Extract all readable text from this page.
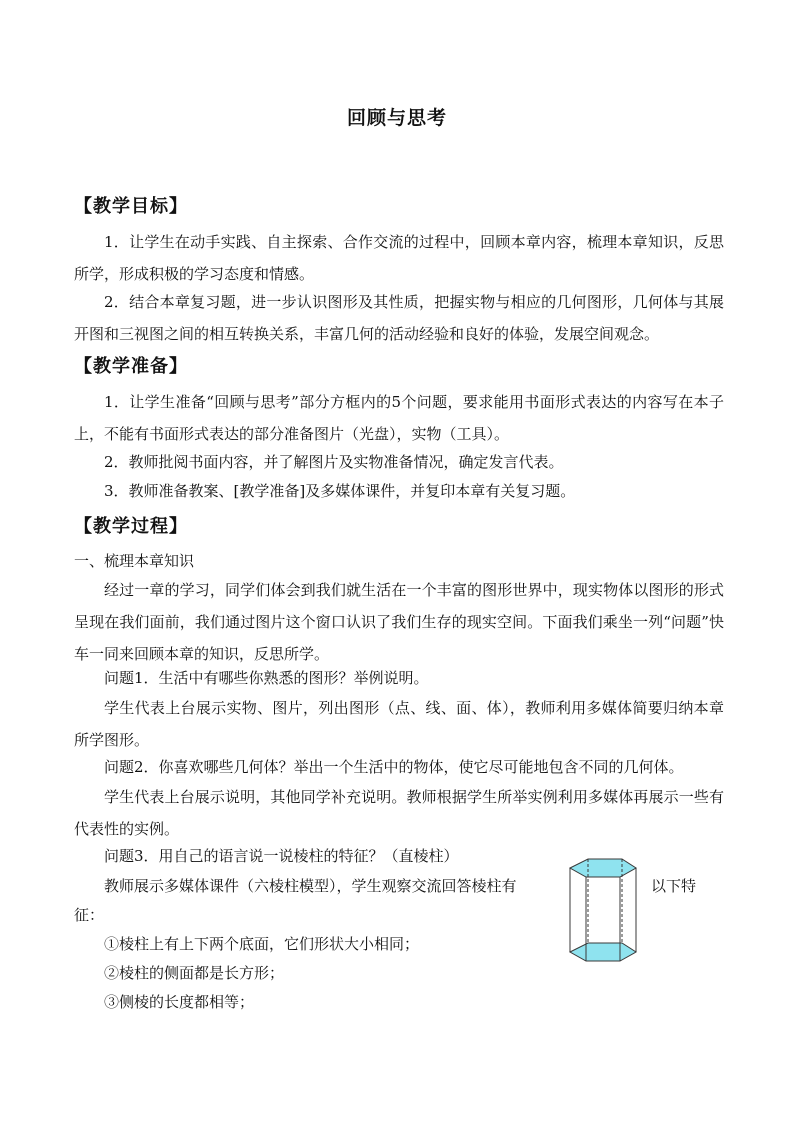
回顾与思考
【教学目标】
1．让学生在动手实践、自主探索、合作交流的过程中，回顾本章内容，梳理本章知识，反思所学，形成积极的学习态度和情感。
2．结合本章复习题，进一步认识图形及其性质，把握实物与相应的几何图形，几何体与其展开图和三视图之间的相互转换关系，丰富几何的活动经验和良好的体验，发展空间观念。
【教学准备】
1．让学生准备“回顾与思考”部分方框内的5个问题，要求能用书面形式表达的内容写在本子上，不能有书面形式表达的部分准备图片（光盘），实物（工具）。
2．教师批阅书面内容，并了解图片及实物准备情况，确定发言代表。
3．教师准备教案、[教学准备]及多媒体课件，并复印本章有关复习题。
【教学过程】
一、梳理本章知识
经过一章的学习，同学们体会到我们就生活在一个丰富的图形世界中，现实物体以图形的形式呈现在我们面前，我们通过图片这个窗口认识了我们生存的现实空间。下面我们乘坐一列“问题”快车一同来回顾本章的知识，反思所学。
问题1．生活中有哪些你熟悉的图形？举例说明。
学生代表上台展示实物、图片，列出图形（点、线、面、体），教师利用多媒体简要归纳本章所学图形。
问题2．你喜欢哪些几何体？举出一个生活中的物体，使它尽可能地包含不同的几何体。
学生代表上台展示说明，其他同学补充说明。教师根据学生所举实例利用多媒体再展示一些有代表性的实例。
问题3．用自己的语言说一说棱柱的特征？（直棱柱）
教师展示多媒体课件（六棱柱模型），学生观察交流回答棱柱有	以下特
征：
①棱柱上有上下两个底面，它们形状大小相同；
②棱柱的侧面都是长方形；
③侧棱的长度都相等；
